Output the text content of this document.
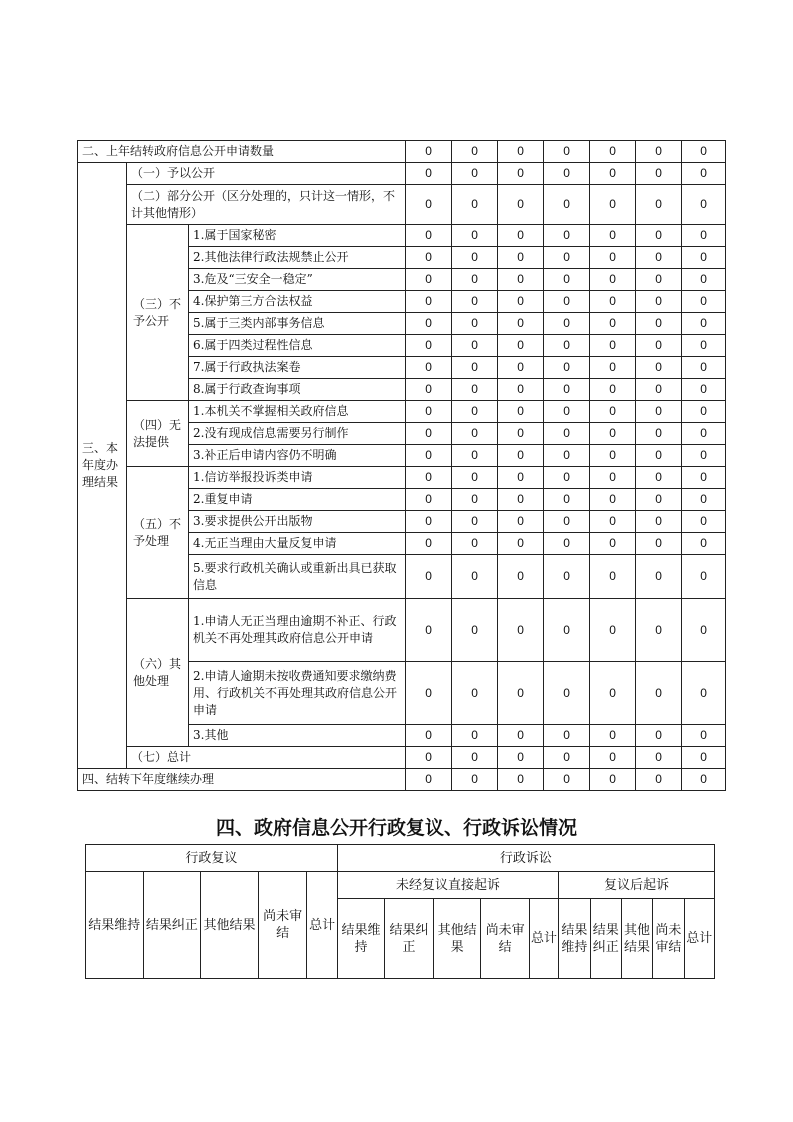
二、上年结转政府信息公开申请数量			0	0	0	0	0	0	0
三、本年度办理结果	（一）予以公开		0	0	0	0	0	0	0
	（二）部分公开（区分处理的，只计这一情形，不计其他情形）		0	0	0	0	0	0	0
	（三）不予公开	1.属于国家秘密	0	0	0	0	0	0	0
		2.其他法律行政法规禁止公开	0	0	0	0	0	0	0
		3.危及“三安全一稳定”	0	0	0	0	0	0	0
		4.保护第三方合法权益	0	0	0	0	0	0	0
		5.属于三类内部事务信息	0	0	0	0	0	0	0
		6.属于四类过程性信息	0	0	0	0	0	0	0
		7.属于行政执法案卷	0	0	0	0	0	0	0
		8.属于行政查询事项	0	0	0	0	0	0	0
	（四）无法提供	1.本机关不掌握相关政府信息	0	0	0	0	0	0	0
		2.没有现成信息需要另行制作	0	0	0	0	0	0	0
		3.补正后申请内容仍不明确	0	0	0	0	0	0	0
	（五）不予处理	1.信访举报投诉类申请	0	0	0	0	0	0	0
		2.重复申请	0	0	0	0	0	0	0
		3.要求提供公开出版物	0	0	0	0	0	0	0
		4.无正当理由大量反复申请	0	0	0	0	0	0	0
		5.要求行政机关确认或重新出具已获取信息	0	0	0	0	0	0	0
	（六）其他处理	1.申请人无正当理由逾期不补正、行政机关不再处理其政府信息公开申请	0	0	0	0	0	0	0
		2.申请人逾期未按收费通知要求缴纳费用、行政机关不再处理其政府信息公开申请	0	0	0	0	0	0	0
		3.其他	0	0	0	0	0	0	0
	（七）总计		0	0	0	0	0	0	0
四、结转下年度继续办理			0	0	0	0	0	0	0
四、政府信息公开行政复议、行政诉讼情况
行政复议					行政诉讼									
结果维持	结果纠正	其他结果	尚未审结	总计	未经复议直接起诉					复议后起诉				
					结果维持	结果纠正	其他结果	尚未审结	总计	结果维持	结果纠正	其他结果	尚未审结	总计
